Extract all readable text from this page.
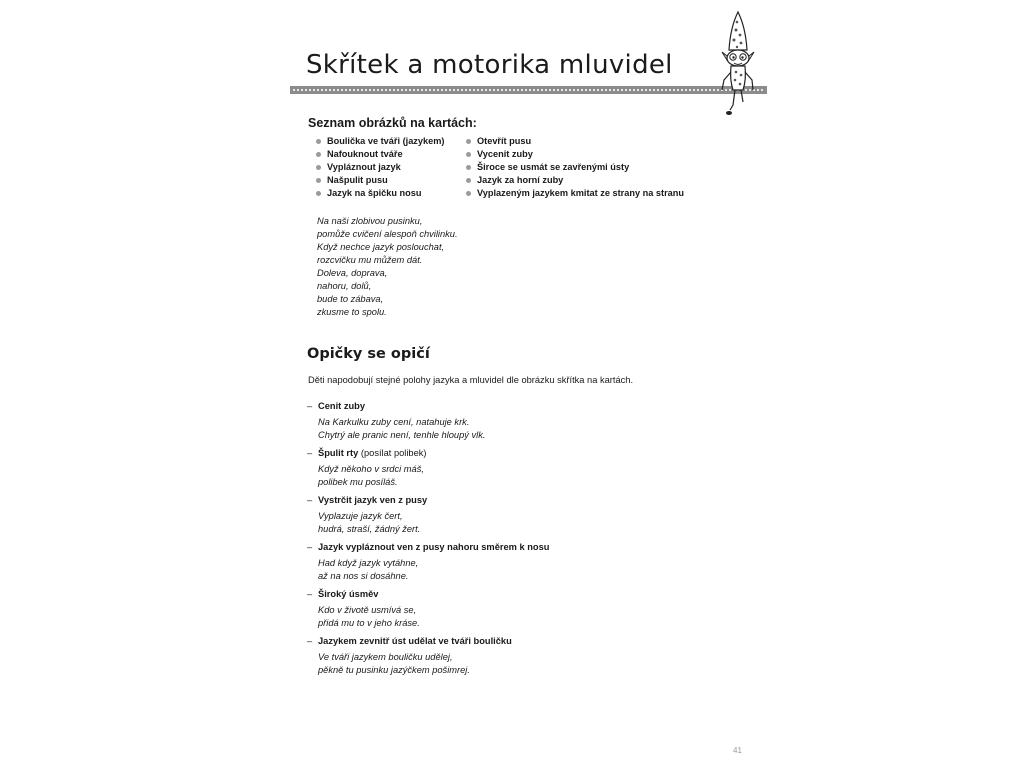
Skřítek a motorika mluvidel
Seznam obrázků na kartách:
Boulička ve tváři (jazykem)
Nafouknout tváře
Vypláznout jazyk
Našpulit pusu
Jazyk na špičku nosu
Otevřít pusu
Vycenit zuby
Široce se usmát se zavřenými ústy
Jazyk za horní zuby
Vyplazeným jazykem kmitat ze strany na stranu

Na naši zlobivou pusinku,
pomůže cvičení alespoň chvilinku.
Když nechce jazyk poslouchat,
rozcvičku mu můžem dát.
Doleva, doprava,
nahoru, dolů,
bude to zábava,
zkusme to spolu.

Opičky se opičí

Děti napodobují stejné polohy jazyka a mluvidel dle obrázku skřítka na kartách.

– Cenit zuby

Na Karkulku zuby cení, natahuje krk.
Chytrý ale pranic není, tenhle hloupý vlk.

– Špulit rty (posílat polibek)

Když někoho v srdci máš,
polibek mu posíláš.

– Vystrčit jazyk ven z pusy

Vyplazuje jazyk čert,
hudrá, straší, žádný žert.

– Jazyk vypláznout ven z pusy nahoru směrem k nosu

Had když jazyk vytáhne,
až na nos si dosáhne.

– Široký úsměv

Kdo v životě usmívá se,
přidá mu to v jeho kráse.

– Jazykem zevnitř úst udělat ve tváři bouličku

Ve tváři jazykem bouličku udělej,
pěkně tu pusinku jazýčkem pošimrej.

41
